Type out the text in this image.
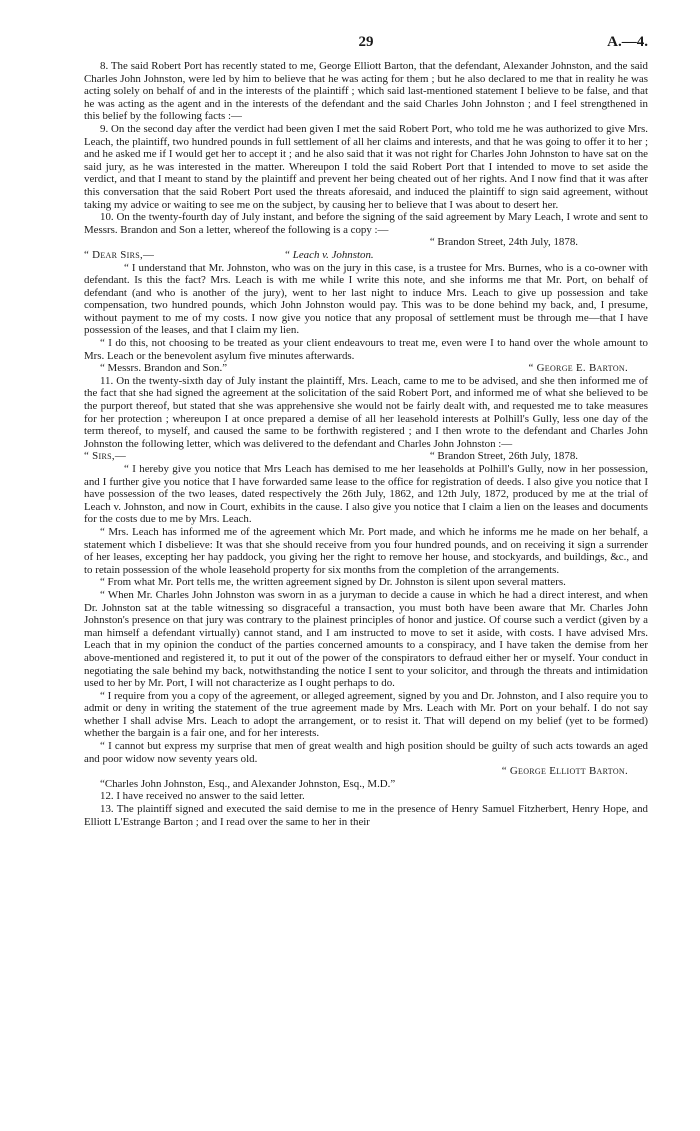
29	A.—4.

8. The said Robert Port has recently stated to me, George Elliott Barton, that the defendant, Alexander Johnston, and the said Charles John Johnston, were led by him to believe that he was acting for them ; but he also declared to me that in reality he was acting solely on behalf of and in the interests of the plaintiff ; which said last-mentioned statement I believe to be false, and that he was acting as the agent and in the interests of the defendant and the said Charles John Johnston ; and I feel strengthened in this belief by the following facts :—

9. On the second day after the verdict had been given I met the said Robert Port, who told me he was authorized to give Mrs. Leach, the plaintiff, two hundred pounds in full settlement of all her claims and interests, and that he was going to offer it to her ; and he asked me if I would get her to accept it ; and he also said that it was not right for Charles John Johnston to have sat on the said jury, as he was interested in the matter. Whereupon I told the said Robert Port that I intended to move to set aside the verdict, and that I meant to stand by the plaintiff and prevent her being cheated out of her rights. And I now find that it was after this conversation that the said Robert Port used the threats aforesaid, and induced the plaintiff to sign said agreement, without taking my advice or waiting to see me on the subject, by causing her to believe that I was about to desert her.

10. On the twenty-fourth day of July instant, and before the signing of the said agreement by Mary Leach, I wrote and sent to Messrs. Brandon and Son a letter, whereof the following is a copy :—

“ Brandon Street, 24th July, 1878.

“ Dear Sirs,—	“ Leach v. Johnston.

“ I understand that Mr. Johnston, who was on the jury in this case, is a trustee for Mrs. Burnes, who is a co-owner with defendant. Is this the fact? Mrs. Leach is with me while I write this note, and she informs me that Mr. Port, on behalf of defendant (and who is another of the jury), went to her last night to induce Mrs. Leach to give up possession and take compensation, two hundred pounds, which John Johnston would pay. This was to be done behind my back, and, I presume, without payment to me of my costs. I now give you notice that any proposal of settlement must be through me—that I have possession of the leases, and that I claim my lien.

“ I do this, not choosing to be treated as your client endeavours to treat me, even were I to hand over the whole amount to Mrs. Leach or the benevolent asylum five minutes afterwards.

“ Messrs. Brandon and Son.”	“ George E. Barton.

11. On the twenty-sixth day of July instant the plaintiff, Mrs. Leach, came to me to be advised, and she then informed me of the fact that she had signed the agreement at the solicitation of the said Robert Port, and informed me of what she believed to be the purport thereof, but stated that she was apprehensive she would not be fairly dealt with, and requested me to take measures for her protection ; whereupon I at once prepared a demise of all her leasehold interests at Polhill's Gully, less one day of the term thereof, to myself, and caused the same to be forthwith registered ; and I then wrote to the defendant and Charles John Johnston the following letter, which was delivered to the defendant and Charles John Johnston :—

“ Sirs,—	“ Brandon Street, 26th July, 1878.

“ I hereby give you notice that Mrs Leach has demised to me her leaseholds at Polhill's Gully, now in her possession, and I further give you notice that I have forwarded same lease to the office for registration of deeds. I also give you notice that I have possession of the two leases, dated respectively the 26th July, 1862, and 12th July, 1872, produced by me at the trial of Leach v. Johnston, and now in Court, exhibits in the cause. I also give you notice that I claim a lien on the leases and documents for the costs due to me by Mrs. Leach.

“ Mrs. Leach has informed me of the agreement which Mr. Port made, and which he informs me he made on her behalf, a statement which I disbelieve: It was that she should receive from you four hundred pounds, and on receiving it sign a surrender of her leases, excepting her hay paddock, you giving her the right to remove her house, and stockyards, and buildings, &c., and to retain possession of the whole leasehold property for six months from the completion of the arrangements.

“ From what Mr. Port tells me, the written agreement signed by Dr. Johnston is silent upon several matters.

“ When Mr. Charles John Johnston was sworn in as a juryman to decide a cause in which he had a direct interest, and when Dr. Johnston sat at the table witnessing so disgraceful a transaction, you must both have been aware that Mr. Charles John Johnston's presence on that jury was contrary to the plainest principles of honor and justice. Of course such a verdict (given by a man himself a defendant virtually) cannot stand, and I am instructed to move to set it aside, with costs. I have advised Mrs. Leach that in my opinion the conduct of the parties concerned amounts to a conspiracy, and I have taken the demise from her above-mentioned and registered it, to put it out of the power of the conspirators to defraud either her or myself. Your conduct in negotiating the sale behind my back, notwithstanding the notice I sent to your solicitor, and through the threats and intimidation used to her by Mr. Port, I will not characterize as I ought perhaps to do.

“ I require from you a copy of the agreement, or alleged agreement, signed by you and Dr. Johnston, and I also require you to admit or deny in writing the statement of the true agreement made by Mrs. Leach with Mr. Port on your behalf. I do not say whether I shall advise Mrs. Leach to adopt the arrangement, or to resist it. That will depend on my belief (yet to be formed) whether the bargain is a fair one, and for her interests.

“ I cannot but express my surprise that men of great wealth and high position should be guilty of such acts towards an aged and poor widow now seventy years old.

“ George Elliott Barton.

“Charles John Johnston, Esq., and Alexander Johnston, Esq., M.D.”

12. I have received no answer to the said letter.

13. The plaintiff signed and executed the said demise to me in the presence of Henry Samuel Fitzherbert, Henry Hope, and Elliott L'Estrange Barton ; and I read over the same to her in their
